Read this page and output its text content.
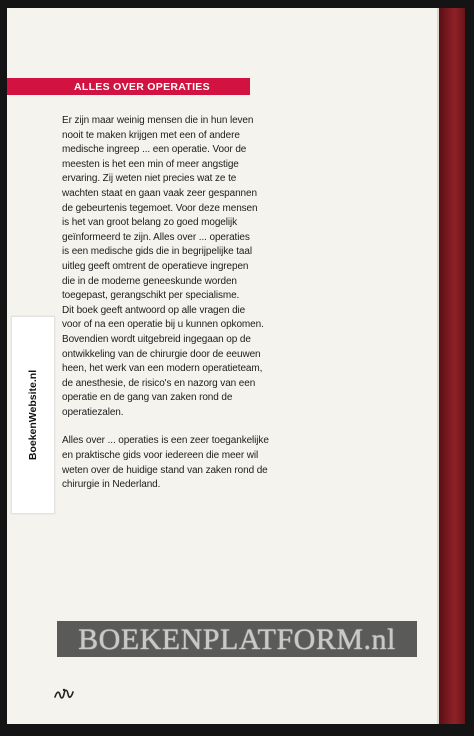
ALLES OVER OPERATIES

Er zijn maar weinig mensen die in hun leven
nooit te maken krijgen met een of andere
medische ingreep ... een operatie. Voor de
meesten is het een min of meer angstige
ervaring. Zij weten niet precies wat ze te
wachten staat en gaan vaak zeer gespannen
de gebeurtenis tegemoet. Voor deze mensen
is het van groot belang zo goed mogelijk
geïnformeerd te zijn. Alles over ... operaties
is een medische gids die in begrijpelijke taal
uitleg geeft omtrent de operatieve ingrepen
die in de moderne geneeskunde worden
toegepast, gerangschikt per specialisme.
Dit boek geeft antwoord op alle vragen die
voor of na een operatie bij u kunnen opkomen.
Bovendien wordt uitgebreid ingegaan op de
ontwikkeling van de chirurgie door de eeuwen
heen, het werk van een modern operatieteam,
de anesthesie, de risico's en nazorg van een
operatie en de gang van zaken rond de
operatiezalen.

Alles over ... operaties is een zeer toegankelijke
en praktische gids voor iedereen die meer wil
weten over de huidige stand van zaken rond de
chirurgie in Nederland.

BoekenWebsite.nl
BOEKENPLATFORM.nl
